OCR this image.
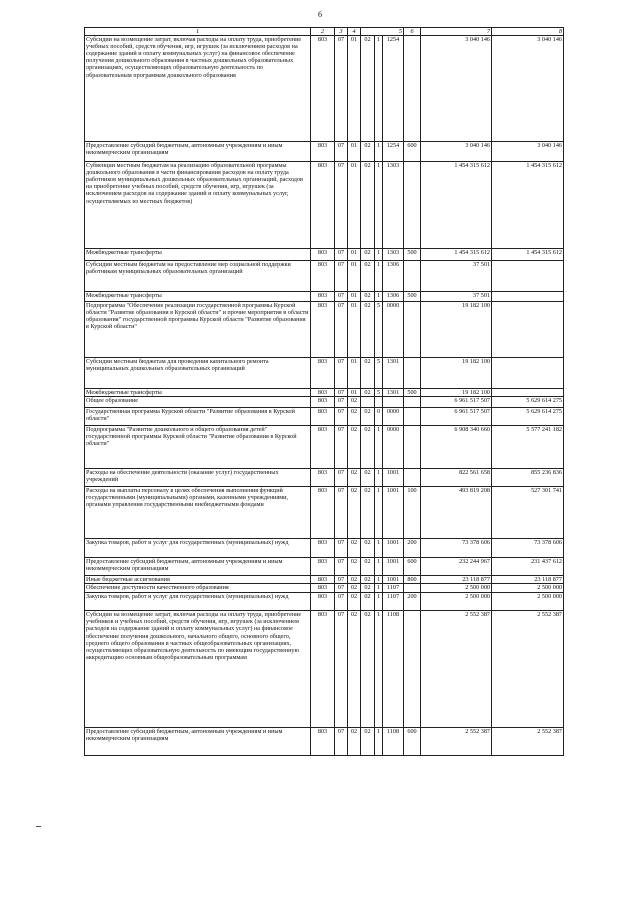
6
1	2	3	4	5			6	7	8
Субсидии на возмещение затрат, включая расходы на оплату труда, приобретение учебных пособий, средств обучения, игр, игрушек (за исключением расходов на содержание зданий и оплату коммунальных услуг) на финансовое обеспечение получения дошкольного образования в частных дошкольных образовательных организациях, осуществляющих образовательную деятельность по образовательным программам дошкольного образования	803	07	01	02	1	1254		3 040 146	3 040 146
Предоставление субсидий бюджетным, автономным учреждениям и иным некоммерческим организациям	803	07	01	02	1	1254	600	3 040 146	3 040 146
Субвенции местным бюджетам на реализацию образовательной программы дошкольного образования в части финансирования расходов на оплату труда работников муниципальных дошкольных образовательных организаций, расходов на приобретение учебных пособий, средств обучения, игр, игрушек (за исключением расходов на содержание зданий и оплату коммунальных услуг, осуществляемых из местных бюджетов)	803	07	01	02	1	1303		1 454 315 612	1 454 315 612
Межбюджетные трансферты	803	07	01	02	1	1303	500	1 454 315 612	1 454 315 612
Субсидии местным бюджетам на предоставление мер социальной поддержки работникам муниципальных образовательных организаций	803	07	01	02	1	1306		37 501	
Межбюджетные трансферты	803	07	01	02	1	1306	500	37 501	
Подпрограмма "Обеспечение реализации государственной программы Курской области "Развитие образования в Курской области" и прочие мероприятия в области образования" государственной программы Курской области "Развитие образования в Курской области"	803	07	01	02	5	0000		19 182 100	
Субсидии местным бюджетам для проведения капитального ремонта муниципальных дошкольных образовательных организаций	803	07	01	02	5	1301		19 182 100	
Межбюджетные трансферты	803	07	01	02	5	1301	500	19 182 100	
Общее образование	803	07	02					6 961 517 507	5 629 614 275
Государственная программа Курской области "Развитие образования в Курской области"	803	07	02	02	0	0000		6 961 517 507	5 629 614 275
Подпрограмма "Развитие дошкольного и общего образования детей" государственной программы Курской области "Развитие образования в Курской области"	803	07	02	02	1	0000		6 908 340 660	5 577 241 182
Расходы на обеспечение деятельности (оказание услуг) государственных учреждений	803	07	02	02	1	1001		822 561 658	855 236 836
Расходы на выплаты персоналу в целях обеспечения выполнения функций государственными (муниципальными) органами, казенными учреждениями, органами управления государственными внебюджетными фондами	803	07	02	02	1	1001	100	493 819 208	527 301 741
Закупка товаров, работ и услуг для государственных (муниципальных) нужд	803	07	02	02	1	1001	200	73 378 606	73 378 606
Предоставление субсидий бюджетным, автономным учреждениям и иным некоммерческим организациям	803	07	02	02	1	1001	600	232 244 967	231 437 612
Иные бюджетные ассигнования	803	07	02	02	1	1001	800	23 118 877	23 118 877
Обеспечение доступности качественного образования	803	07	02	02	1	1107		2 500 000	2 500 000
Закупка товаров, работ и услуг для государственных (муниципальных) нужд	803	07	02	02	1	1107	200	2 500 000	2 500 000
Субсидии на возмещение затрат, включая расходы на оплату труда, приобретение учебников и учебных пособий, средств обучения, игр, игрушек (за исключением расходов на содержание зданий и оплату коммунальных услуг) на финансовое обеспечение получения дошкольного, начального общего, основного общего, среднего общего образования в частных общеобразовательных организациях, осуществляющих образовательную деятельность по имеющим государственную аккредитацию основным общеобразовательным программам	803	07	02	02	1	1108		2 552 387	2 552 387
Предоставление субсидий бюджетным, автономным учреждениям и иным некоммерческим организациям	803	07	02	02	1	1108	600	2 552 387	2 552 387
